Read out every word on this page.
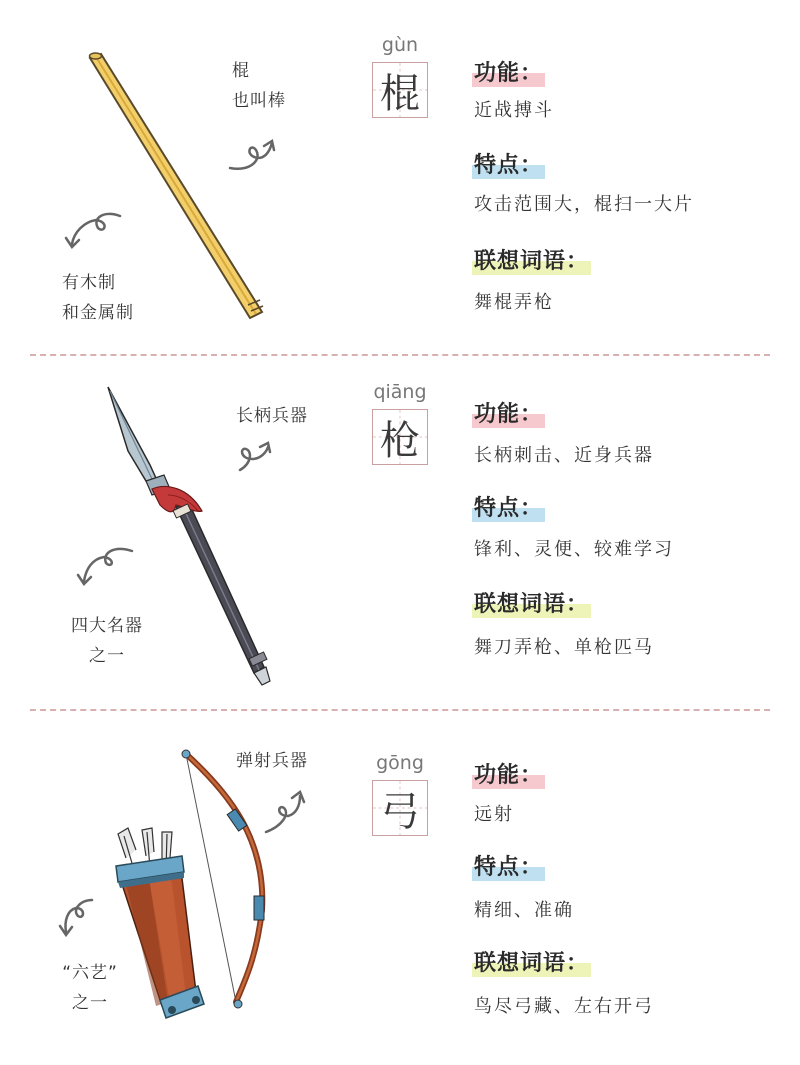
棍
也叫棒
有木制
和金属制
gùn
棍	功能：
近战搏斗
特点：
攻击范围大，棍扫一大片
联想词语：
舞棍弄枪
长柄兵器
四大名器
之一
qiāng
枪
功能：
长柄刺击、近身兵器
特点：
锋利、灵便、较难学习
联想词语：
舞刀弄枪、单枪匹马
弹射兵器
“六艺”
之一
gōng
弓
功能：
远射
特点：
精细、准确
联想词语：
鸟尽弓藏、左右开弓
